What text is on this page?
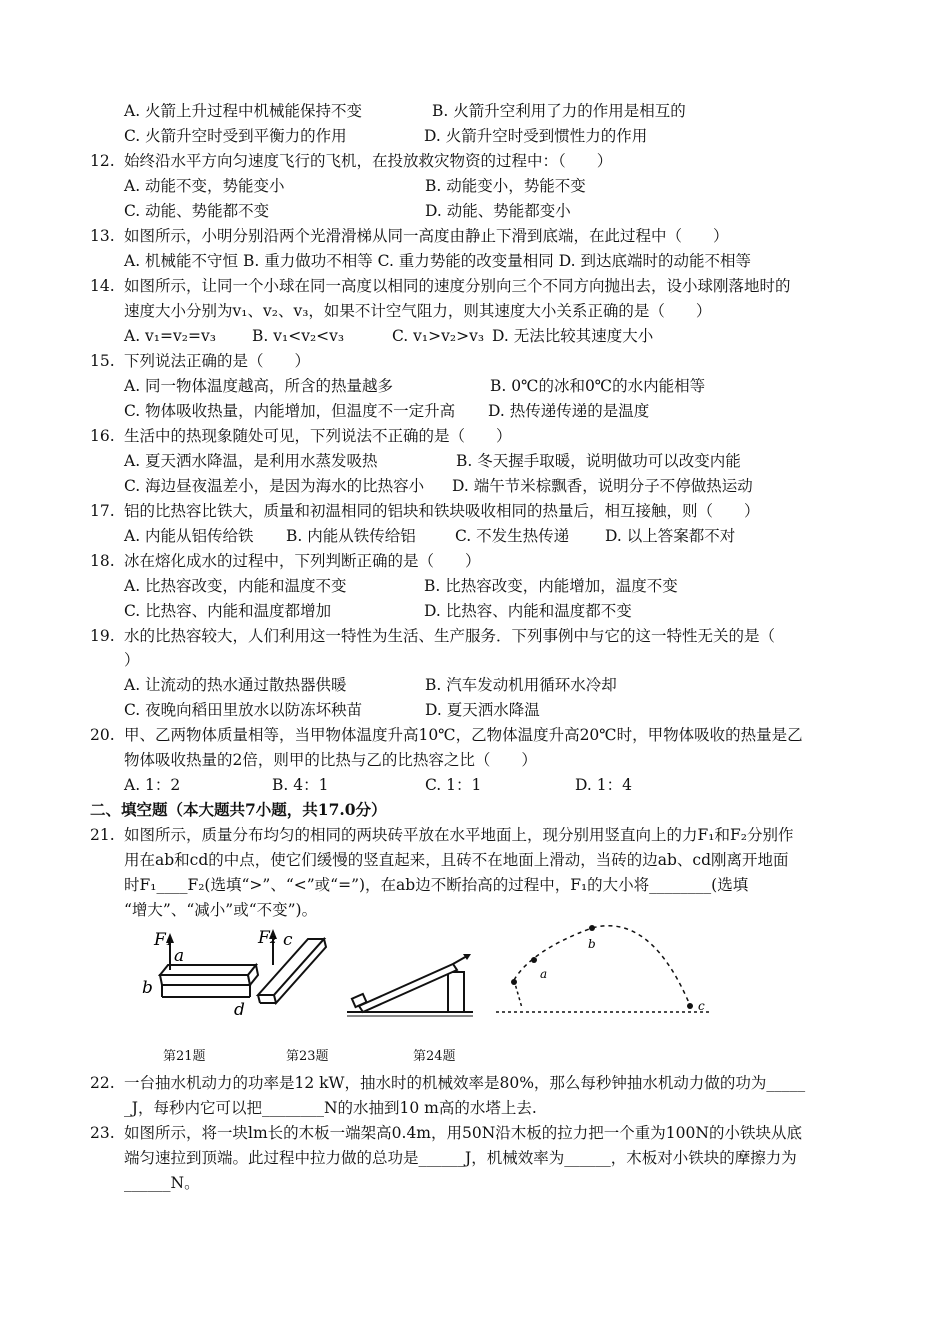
A. 火箭上升过程中机械能保持不变	B. 火箭升空利用了力的作用是相互的
C. 火箭升空时受到平衡力的作用	D. 火箭升空时受到惯性力的作用
12. 始终沿水平方向匀速度飞行的飞机，在投放救灾物资的过程中：（　　）
A. 动能不变，势能变小	B. 动能变小，势能不变
C. 动能、势能都不变	D. 动能、势能都变小
13. 如图所示，小明分别沿两个光滑滑梯从同一高度由静止下滑到底端，在此过程中（　　）
A. 机械能不守恒 B. 重力做功不相等 C. 重力势能的改变量相同 D. 到达底端时的动能不相等
14. 如图所示，让同一个小球在同一高度以相同的速度分别向三个不同方向抛出去，设小球刚落地时的
速度大小分别为v₁、v₂、v₃，如果不计空气阻力，则其速度大小关系正确的是（　　）
A. v₁=v₂=v₃ B. v₁<v₂<v₃	C. v₁>v₂>v₃ D. 无法比较其速度大小
15. 下列说法正确的是（　　）
A. 同一物体温度越高，所含的热量越多	B. 0℃的冰和0℃的水内能相等
C. 物体吸收热量，内能增加，但温度不一定升高 D. 热传递传递的是温度
16. 生活中的热现象随处可见，下列说法不正确的是（　　）
A. 夏天洒水降温，是利用水蒸发吸热	B. 冬天握手取暖，说明做功可以改变内能
C. 海边昼夜温差小，是因为海水的比热容小 D. 端午节米棕飘香，说明分子不停做热运动
17. 铝的比热容比铁大，质量和初温相同的铝块和铁块吸收相同的热量后，相互接触，则（　　）
A. 内能从铝传给铁 B. 内能从铁传给铝	C. 不发生热传递 D. 以上答案都不对
18. 冰在熔化成水的过程中，下列判断正确的是（　　）
A. 比热容改变，内能和温度不变	B. 比热容改变，内能增加，温度不变
C. 比热容、内能和温度都增加	D. 比热容、内能和温度都不变
19. 水的比热容较大，人们利用这一特性为生活、生产服务．下列事例中与它的这一特性无关的是（
）
A. 让流动的热水通过散热器供暖	B. 汽车发动机用循环水冷却
C. 夜晚向稻田里放水以防冻坏秧苗	D. 夏天洒水降温
20. 甲、乙两物体质量相等，当甲物体温度升高10℃，乙物体温度升高20℃时，甲物体吸收的热量是乙
物体吸收热量的2倍，则甲的比热与乙的比热容之比（　　）
A. 1：2	B. 4：1	C. 1：1	D. 1：4
二、填空题（本大题共7小题，共17.0分）
21. 如图所示，质量分布均匀的相同的两块砖平放在水平地面上，现分别用竖直向上的力F₁和F₂分别作
用在ab和cd的中点，使它们缓慢的竖直起来，且砖不在地面上滑动，当砖的边ab、cd刚离开地面
时F₁____F₂(选填“>”、“<”或“=”)，在ab边不断抬高的过程中，F₁的大小将________(选填
“增大”、“减小”或“不变”)。
F₁
a
b
F₂ c
d
a
b
c
第21题	第23题	第24题
22. 一台抽水机动力的功率是12 kW，抽水时的机械效率是80%，那么每秒钟抽水机动力做的功为_____
_J，每秒内它可以把________N的水抽到10 m高的水塔上去.
23. 如图所示，将一块lm长的木板一端架高0.4m，用50N沿木板的拉力把一个重为100N的小铁块从底
端匀速拉到顶端。此过程中拉力做的总功是______J，机械效率为______，木板对小铁块的摩擦力为
______N。
